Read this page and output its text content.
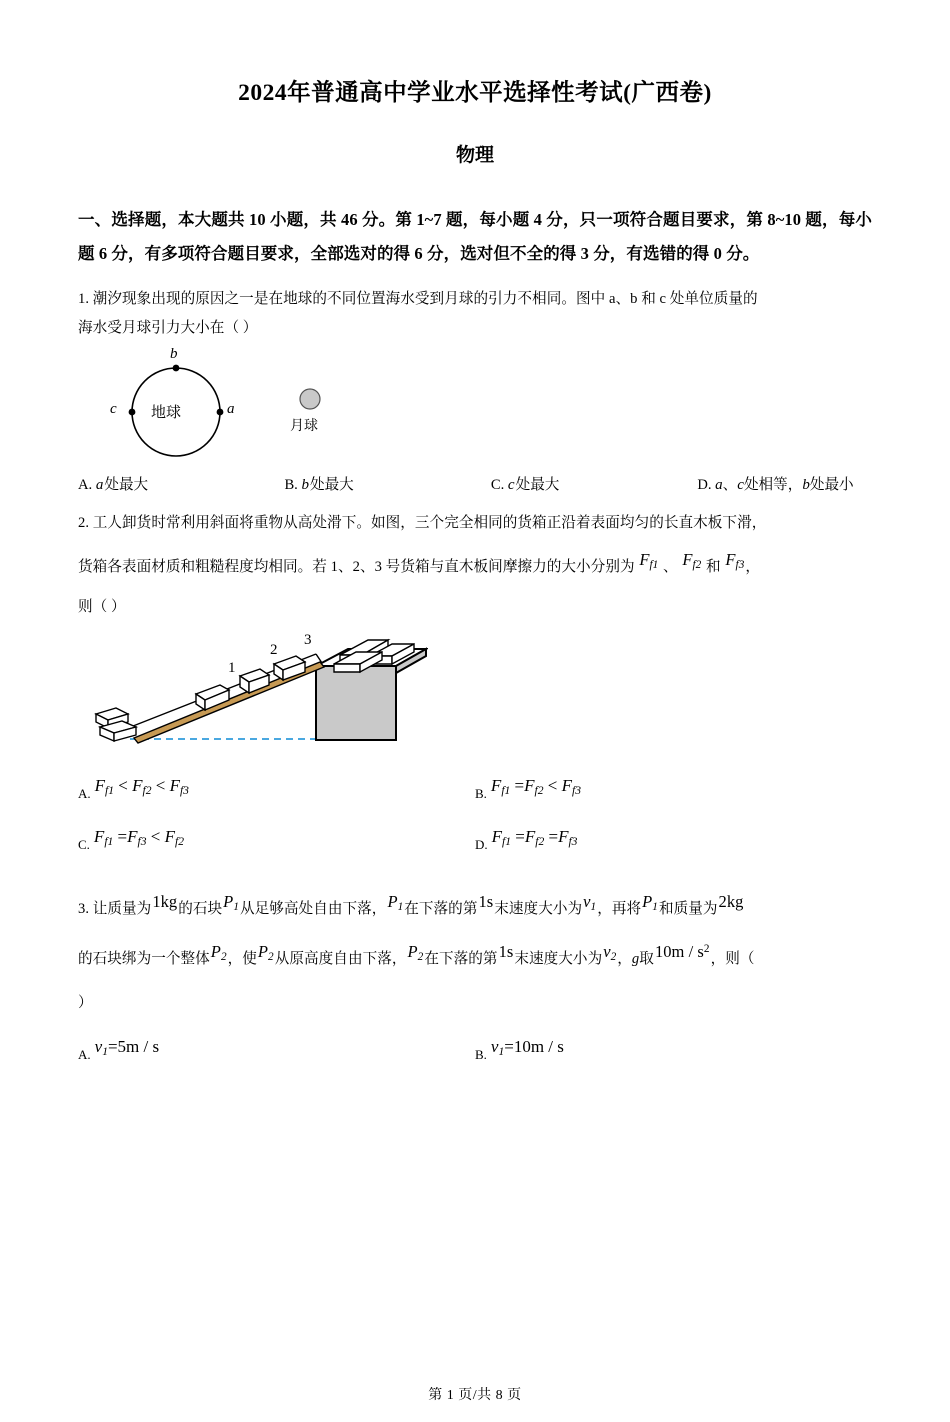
2024年普通高中学业水平选择性考试(广西卷)
物理
一、选择题，本大题共 10 小题，共 46 分。第 1~7 题，每小题 4 分，只一项符合题目要求，第 8~10 题，每小题 6 分，有多项符合题目要求，全部选对的得 6 分，选对但不全的得 3 分，有选错的得 0 分。
1. 潮汐现象出现的原因之一是在地球的不同位置海水受到月球的引力不相同。图中 a、b 和 c 处单位质量的
海水受月球引力大小在（ ）
b
c	a
地球
月球
A. a处最大	B. b处最大	C. c处最大	D. a、c处相等，b处最小
2. 工人卸货时常利用斜面将重物从高处滑下。如图，三个完全相同的货箱正沿着表面均匀的长直木板下滑，
货箱各表面材质和粗糙程度均相同。若 1、2、3 号货箱与直木板间摩擦力的大小分别为 $F_{f1}$ 、 $F_{f2}$ 和 $F_{f3}$，
则（ ）
1
2
3
A. $F_{f1} < F_{f2} < F_{f3}$	B. $F_{f1} =F_{f2} < F_{f3}$
C. $F_{f1} =F_{f3} < F_{f2}$	D. $F_{f1} =F_{f2} =F_{f3}$
3. 让质量为1kg的石块$P_1$从足够高处自由下落，$P_1$在下落的第1s末速度大小为$v_1$，再将$P_1$和质量为2kg
的石块绑为一个整体$P_2$，使$P_2$从原高度自由下落，$P_2$在下落的第1s末速度大小为$v_2$，g取$10m / s^2$，则（
）
A. $v_1=5m / s$	B. $v_1=10m / s$
第 1 页/共 8 页
